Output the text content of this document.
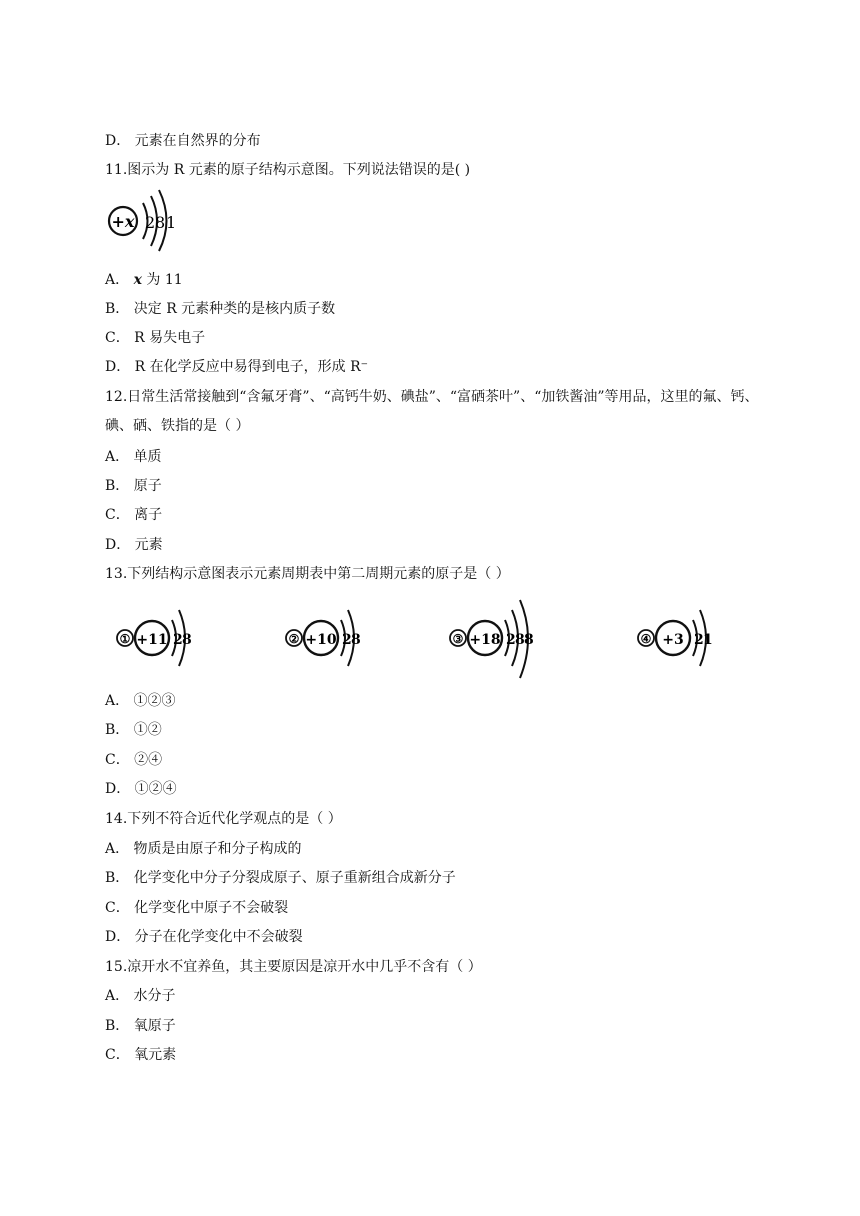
D． 元素在自然界的分布
11.图示为 R 元素的原子结构示意图。下列说法错误的是( )
+x 2 8 1
A． x 为 11
B． 决定 R 元素种类的是核内质子数
C． R 易失电子
D． R 在化学反应中易得到电子，形成 R⁻
12.日常生活常接触到“含氟牙膏”、“高钙牛奶、碘盐”、“富硒茶叶”、“加铁酱油”等用品，这里的氟、钙、碘、硒、铁指的是（ ）
A． 单质
B． 原子
C． 离子
D． 元素
13.下列结构示意图表示元素周期表中第二周期元素的原子是（ ）
① +11 2 8	② +10 2 8	③ +18 2 8 8	④ +3 2 1
A． ①②③
B． ①②
C． ②④
D． ①②④
14.下列不符合近代化学观点的是（ ）
A． 物质是由原子和分子构成的
B． 化学变化中分子分裂成原子、原子重新组合成新分子
C． 化学变化中原子不会破裂
D． 分子在化学变化中不会破裂
15.凉开水不宜养鱼，其主要原因是凉开水中几乎不含有（ ）
A． 水分子
B． 氧原子
C． 氧元素
